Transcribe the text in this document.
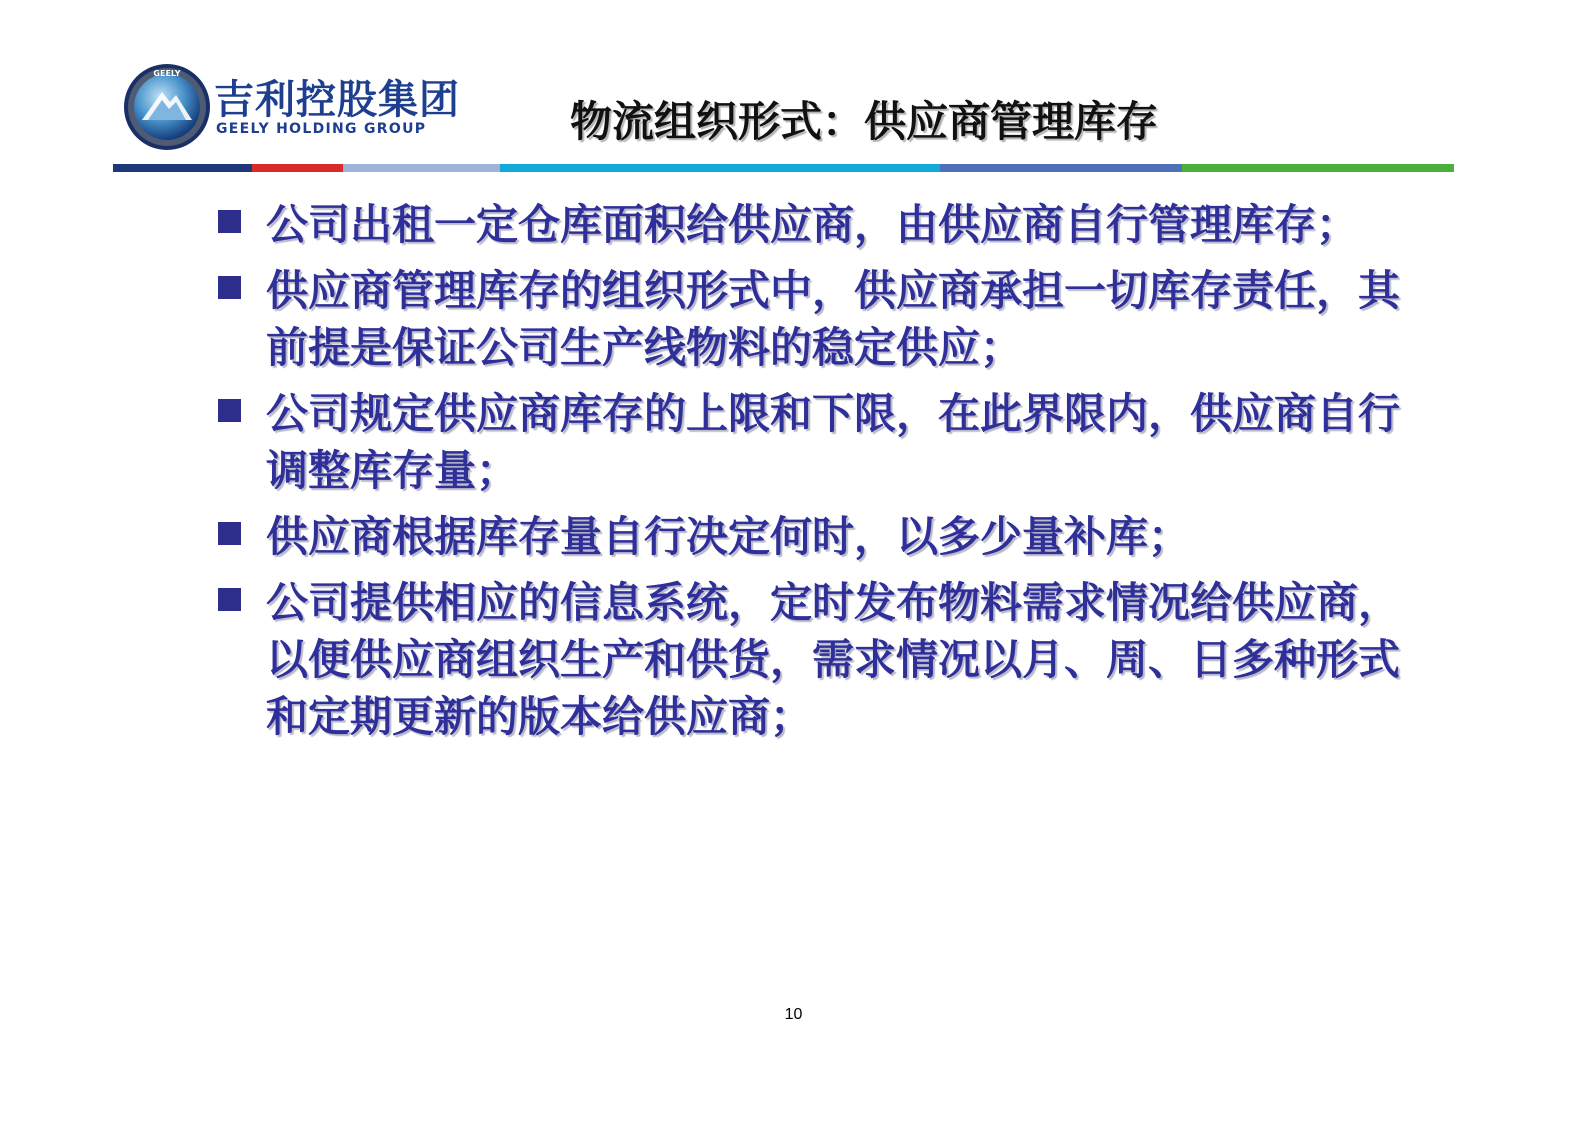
GEELY
吉利控股集团
GEELY HOLDING GROUP	物流组织形式：供应商管理库存
公司出租一定仓库面积给供应商，由供应商自行管理库存；
供应商管理库存的组织形式中，供应商承担一切库存责任，其前提是保证公司生产线物料的稳定供应；
公司规定供应商库存的上限和下限，在此界限内，供应商自行调整库存量；
供应商根据库存量自行决定何时，以多少量补库；
公司提供相应的信息系统，定时发布物料需求情况给供应商，以便供应商组织生产和供货，需求情况以月、周、日多种形式和定期更新的版本给供应商；
10
